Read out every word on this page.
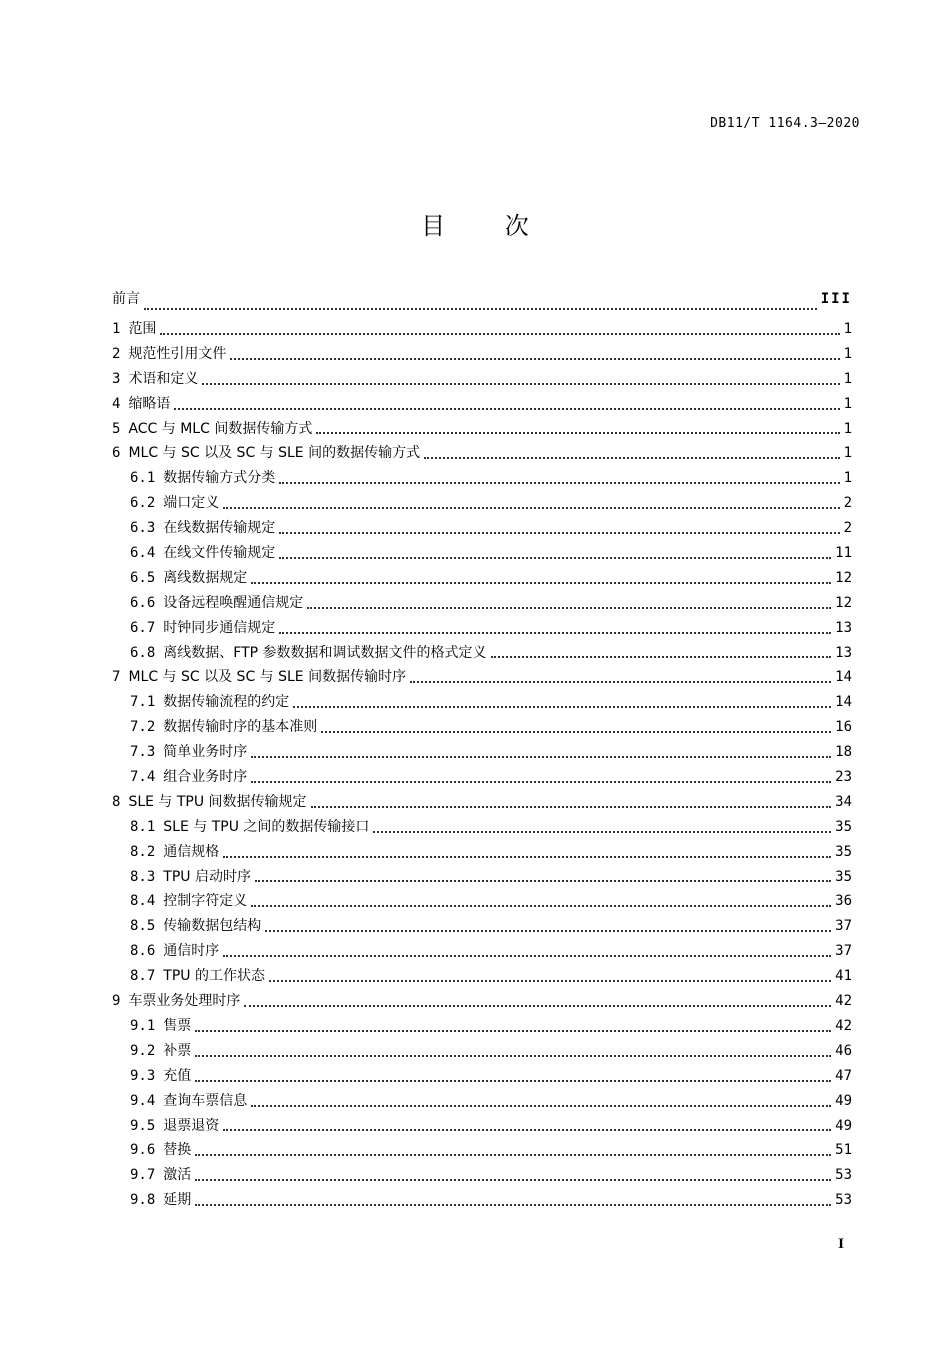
DB11/T 1164.3—2020
目 次
前言	III
1 范围	1
2 规范性引用文件	1
3 术语和定义	1
4 缩略语	1
5 ACC 与 MLC 间数据传输方式	1
6 MLC 与 SC 以及 SC 与 SLE 间的数据传输方式	1
6.1 数据传输方式分类	1
6.2 端口定义	2
6.3 在线数据传输规定	2
6.4 在线文件传输规定	11
6.5 离线数据规定	12
6.6 设备远程唤醒通信规定	12
6.7 时钟同步通信规定	13
6.8 离线数据、FTP 参数数据和调试数据文件的格式定义	13
7 MLC 与 SC 以及 SC 与 SLE 间数据传输时序	14
7.1 数据传输流程的约定	14
7.2 数据传输时序的基本准则	16
7.3 简单业务时序	18
7.4 组合业务时序	23
8 SLE 与 TPU 间数据传输规定	34
8.1 SLE 与 TPU 之间的数据传输接口	35
8.2 通信规格	35
8.3 TPU 启动时序	35
8.4 控制字符定义	36
8.5 传输数据包结构	37
8.6 通信时序	37
8.7 TPU 的工作状态	41
9 车票业务处理时序	42
9.1 售票	42
9.2 补票	46
9.3 充值	47
9.4 查询车票信息	49
9.5 退票退资	49
9.6 替换	51
9.7 激活	53
9.8 延期	53
I
